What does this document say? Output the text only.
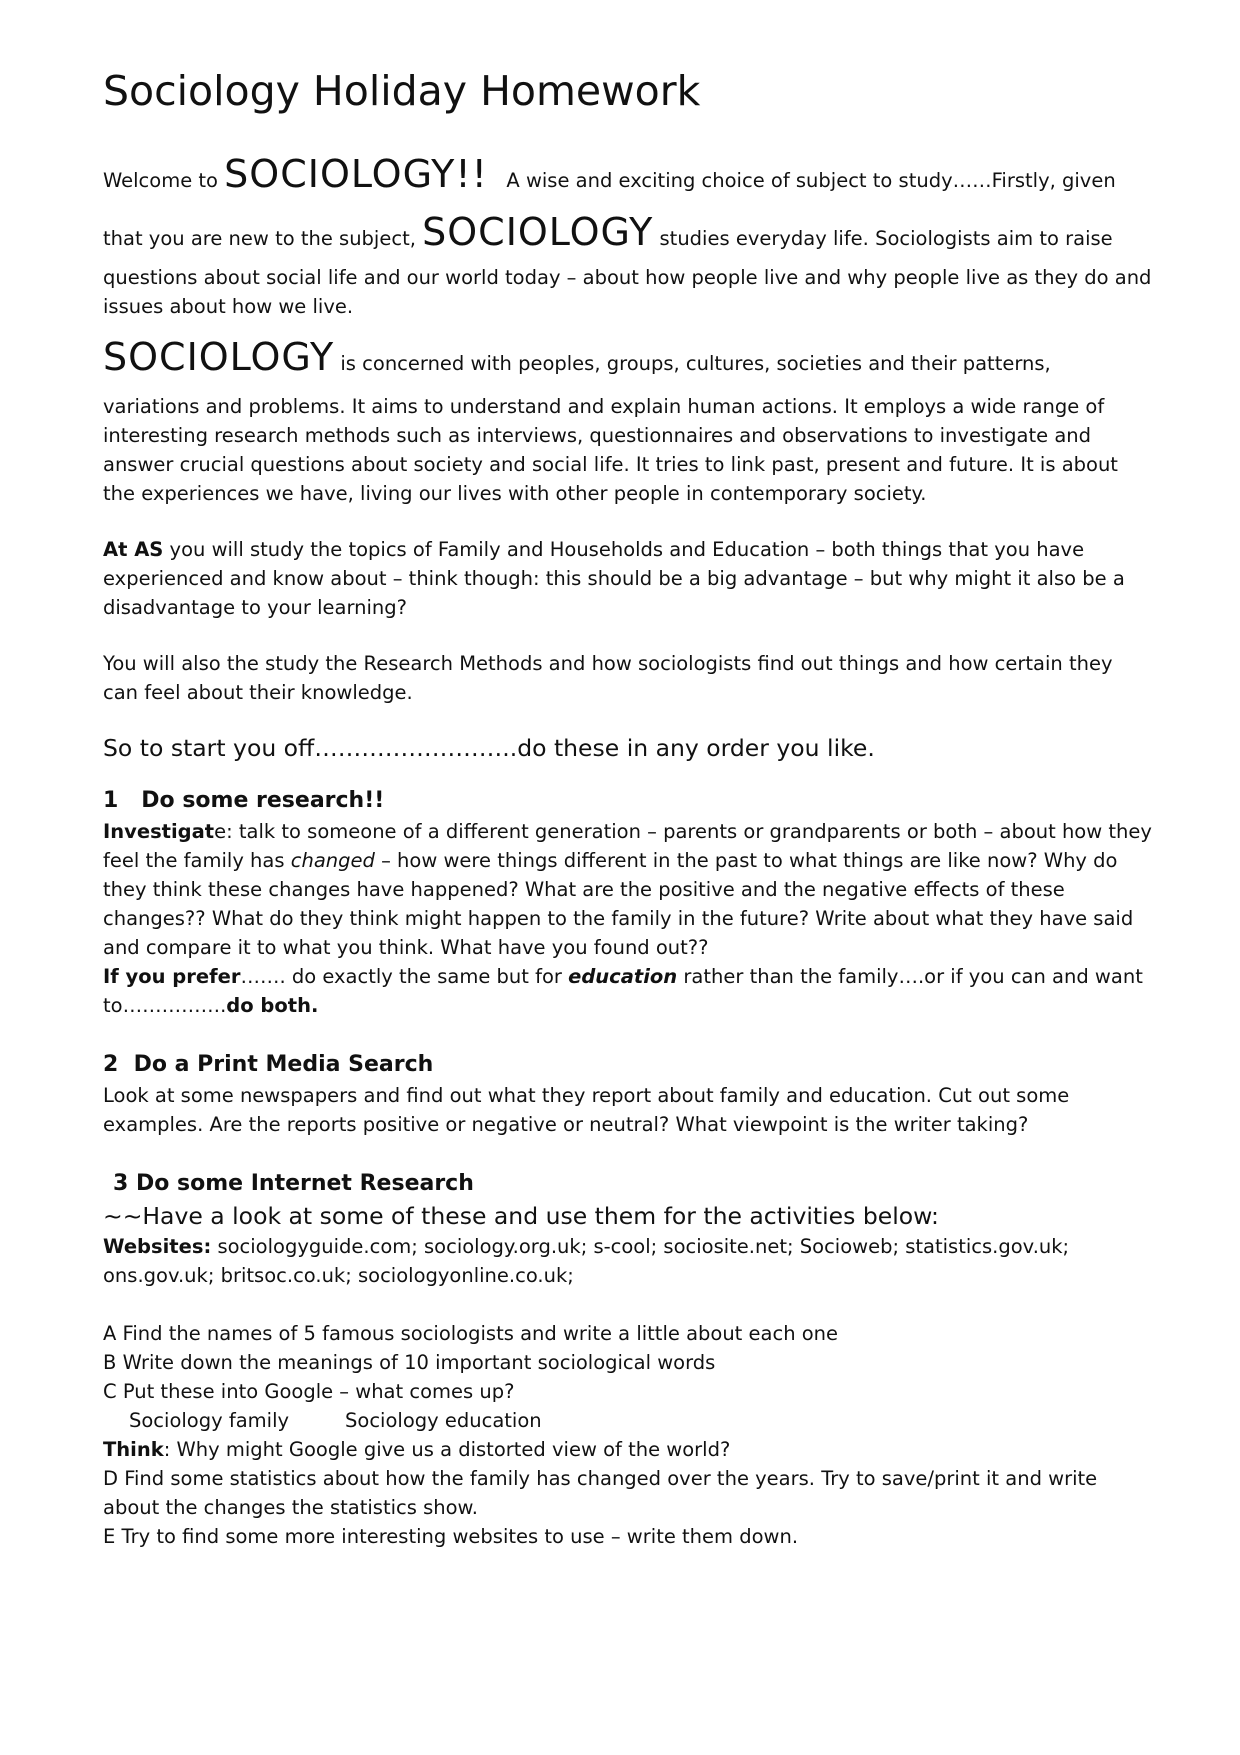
Sociology Holiday Homework

Welcome to SOCIOLOGY!!   A wise and exciting choice of subject to study……Firstly, given

that you are new to the subject, SOCIOLOGY studies everyday life. Sociologists aim to raise

questions about social life and our world today – about how people live and why people live as they do and

issues about how we live.

SOCIOLOGY is concerned with peoples, groups, cultures, societies and their patterns,

variations and problems. It aims to understand and explain human actions. It employs a wide range of

interesting research methods such as interviews, questionnaires and observations to investigate and

answer crucial questions about society and social life. It tries to link past, present and future. It is about

the experiences we have, living our lives with other people in contemporary society.

At AS you will study the topics of Family and Households and Education – both things that you have

experienced and know about – think though: this should be a big advantage – but why might it also be a

disadvantage to your learning?

You will also the study the Research Methods and how sociologists find out things and how certain they

can feel about their knowledge.

So to start you off……………………..do these in any order you like.

1   Do some research!!

Investigate: talk to someone of a different generation – parents or grandparents or both – about how they

feel the family has changed – how were things different in the past to what things are like now? Why do

they think these changes have happened? What are the positive and the negative effects of these

changes?? What do they think might happen to the family in the future? Write about what they have said

and compare it to what you think. What have you found out??

If you prefer……. do exactly the same but for education rather than the family….or if you can and want

to…………….do both.

2  Do a Print Media Search

Look at some newspapers and find out what they report about family and education. Cut out some

examples. Are the reports positive or negative or neutral? What viewpoint is the writer taking?

3 Do some Internet Research

~~Have a look at some of these and use them for the activities below:

Websites: sociologyguide.com; sociology.org.uk; s-cool; sociosite.net; Socioweb; statistics.gov.uk;

ons.gov.uk; britsoc.co.uk; sociologyonline.co.uk;

A Find the names of 5 famous sociologists and write a little about each one

B Write down the meanings of 10 important sociological words

C Put these into Google – what comes up?

Sociology family	Sociology education

Think: Why might Google give us a distorted view of the world?

D Find some statistics about how the family has changed over the years. Try to save/print it and write

about the changes the statistics show.

E Try to find some more interesting websites to use – write them down.
